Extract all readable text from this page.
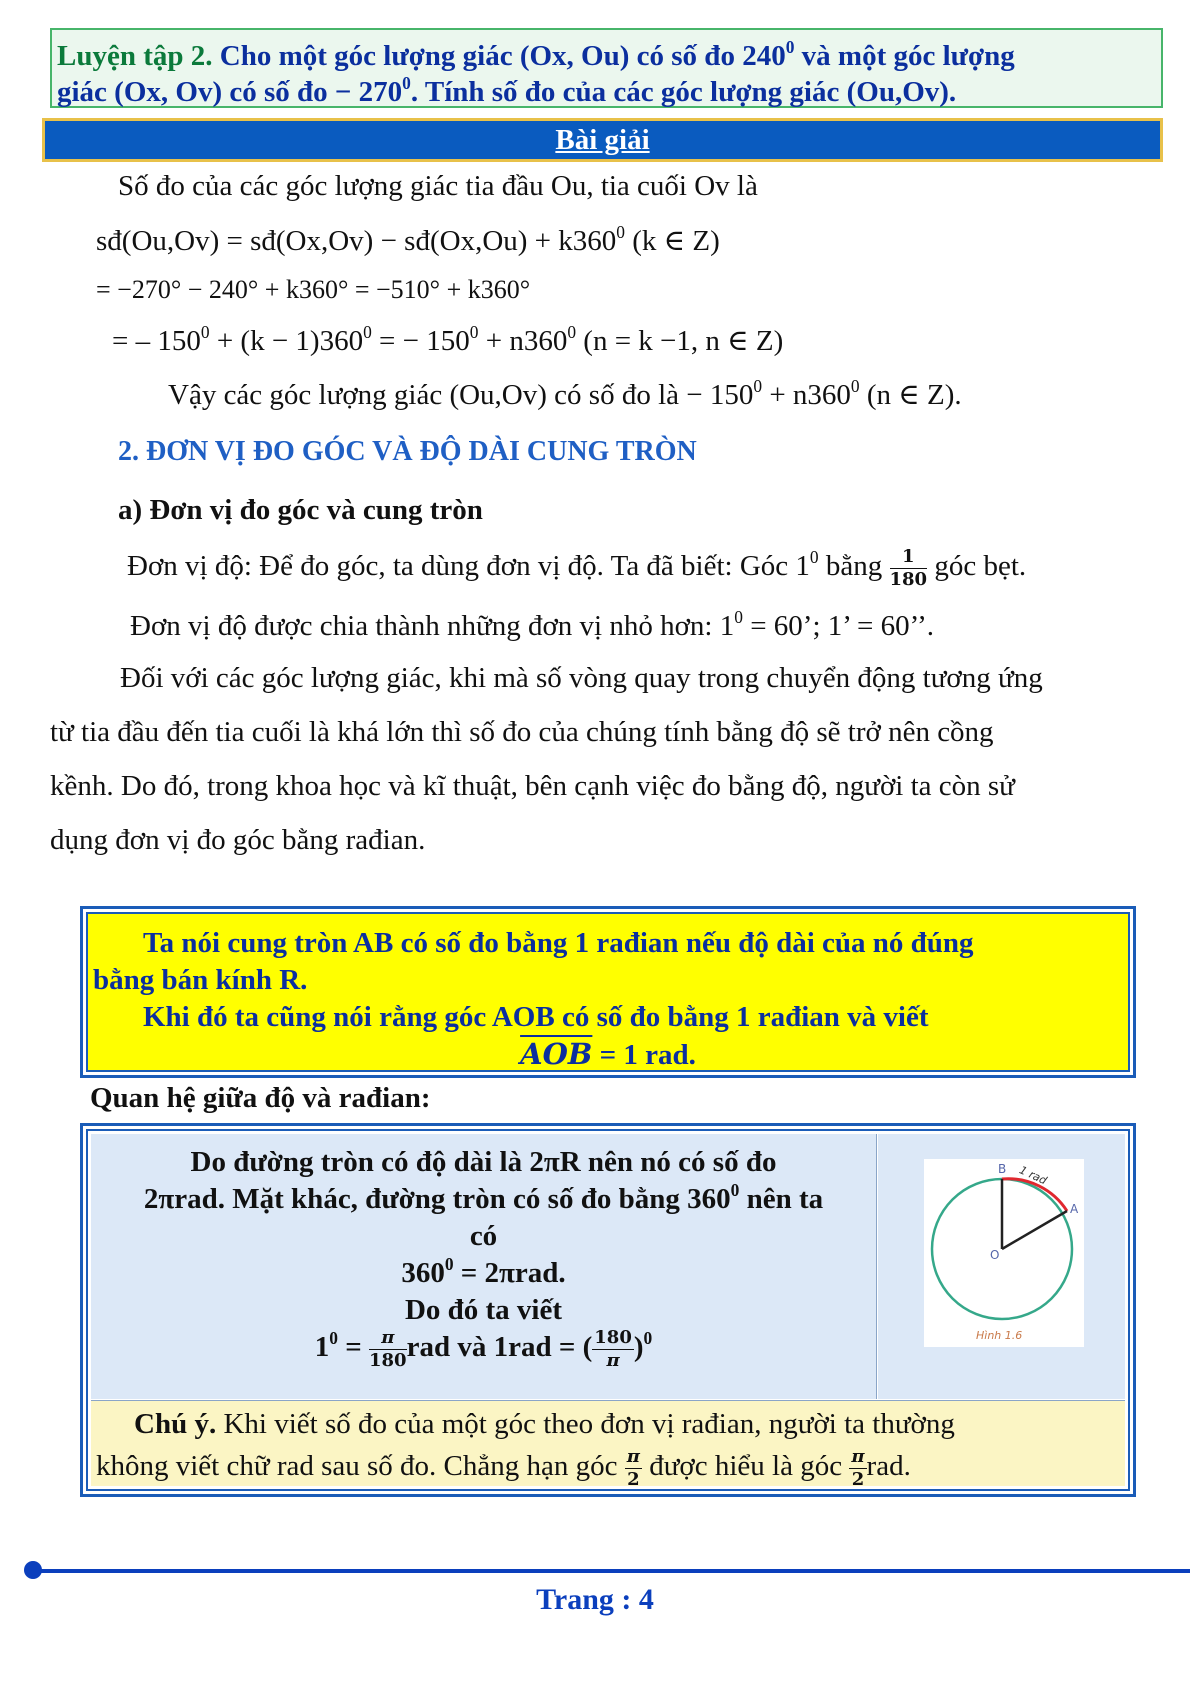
Luyện tập 2. Cho một góc lượng giác (Ox, Ou) có số đo $240^0$ và một góc lượng
giác (Ox, Ov) có số đo − $270^0$. Tính số đo của các góc lượng giác (Ou,Ov).
Bài giải
Số đo của các góc lượng giác tia đầu Ou, tia cuối Ov là
sđ(Ou,Ov) = sđ(Ox,Ov) − sđ(Ox,Ou) + $k360^0$ (k ∈ Z)
= −270° − 240° + k360° = −510° + k360°
= – $150^0 + (k - 1)360^0$ = − $150^0 + n360^0$ (n = k −1, n ∈ Z)
Vậy các góc lượng giác (Ou,Ov) có số đo là − $150^0 + n360^0$ (n ∈ Z).
2. ĐƠN VỊ ĐO GÓC VÀ ĐỘ DÀI CUNG TRÒN
a) Đơn vị đo góc và cung tròn
Đơn vị độ: Để đo góc, ta dùng đơn vị độ. Ta đã biết: Góc $1^0$ bằng $\frac{1}{180}$ góc bẹt.
Đơn vị độ được chia thành những đơn vị nhỏ hơn: $1^0 = 60$’; 1’ = 60’’.
Đối với các góc lượng giác, khi mà số vòng quay trong chuyển động tương ứng
từ tia đầu đến tia cuối là khá lớn thì số đo của chúng tính bằng độ sẽ trở nên cồng
kềnh. Do đó, trong khoa học và kĩ thuật, bên cạnh việc đo bằng độ, người ta còn sử
dụng đơn vị đo góc bằng rađian.
Ta nói cung tròn AB có số đo bằng 1 rađian nếu độ dài của nó đúng
bằng bán kính R.
Khi đó ta cũng nói rằng góc AOB có số đo bằng 1 rađian và viết
$\overline{AOB} = 1$ rad.
Quan hệ giữa độ và rađian:
Do đường tròn có độ dài là 2πR nên nó có số đo
2πrad. Mặt khác, đường tròn có số đo bằng $360^0$ nên ta
có
$360^0 = 2\pi rad$.
Do đó ta viết
$1^0 = \frac{\pi}{180}$ rad và 1rad = ( $\frac{180}{\pi} )^0$
B
A
O
1 rad
Hình 1.6
Chú ý. Khi viết số đo của một góc theo đơn vị rađian, người ta thường
không viết chữ rad sau số đo. Chẳng hạn góc $\frac{\pi}{2}$ được hiểu là góc $\frac{\pi}{2}$ rad.
Trang : 4
